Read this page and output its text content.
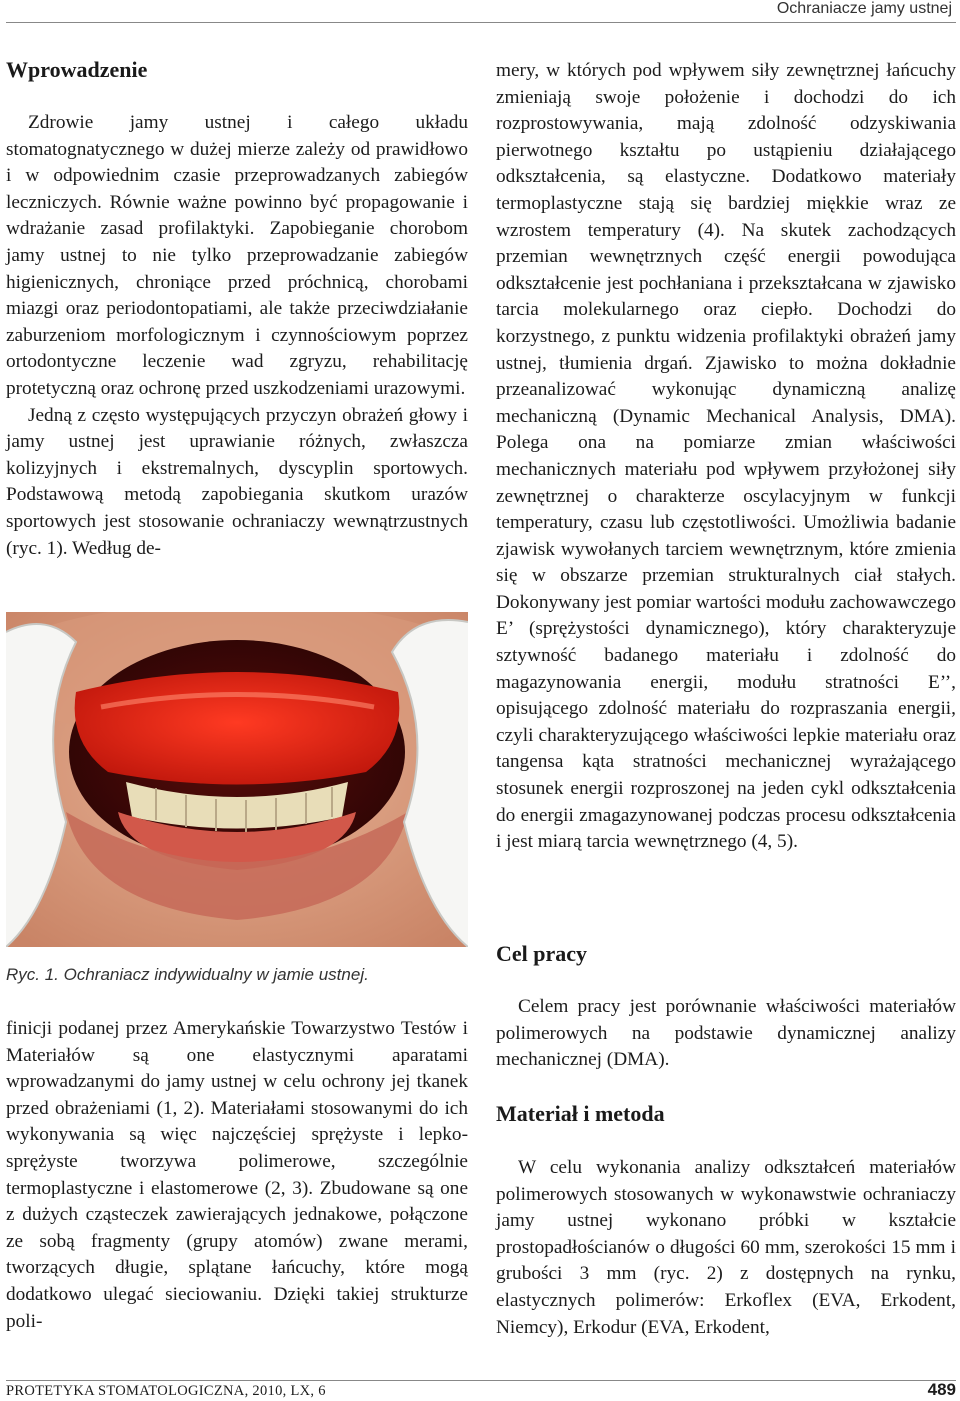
Ochraniacze jamy ustnej
Wprowadzenie

Zdrowie jamy ustnej i całego układu stomatognatycznego w dużej mierze zależy od prawidłowo i w odpowiednim czasie przeprowadzanych zabiegów leczniczych. Równie ważne powinno być propagowanie i wdrażanie zasad profilaktyki. Zapobieganie chorobom jamy ustnej to nie tylko przeprowadzanie zabiegów higienicznych, chroniące przed próchnicą, chorobami miazgi oraz periodontopatiami, ale także przeciwdziałanie zaburzeniom morfologicznym i czynnościowym poprzez ortodontyczne leczenie wad zgryzu, rehabilitację protetyczną oraz ochronę przed uszkodzeniami urazowymi.

Jedną z często występujących przyczyn obrażeń głowy i jamy ustnej jest uprawianie różnych, zwłaszcza kolizyjnych i ekstremalnych, dyscyplin sportowych. Podstawową metodą zapobiegania skutkom urazów sportowych jest stosowanie ochraniaczy wewnątrzustnych (ryc. 1). Według de-

Ryc. 1. Ochraniacz indywidualny w jamie ustnej.

finicji podanej przez Amerykańskie Towarzystwo Testów i Materiałów są one elastycznymi aparatami wprowadzanymi do jamy ustnej w celu ochrony jej tkanek przed obrażeniami (1, 2). Materiałami stosowanymi do ich wykonywania są więc najczęściej sprężyste i lepko-sprężyste tworzywa polimerowe, szczególnie termoplastyczne i elastomerowe (2, 3). Zbudowane są one z dużych cząsteczek zawierających jednakowe, połączone ze sobą fragmenty (grupy atomów) zwane merami, tworzących długie, splątane łańcuchy, które mogą dodatkowo ulegać sieciowaniu. Dzięki takiej strukturze poli-

mery, w których pod wpływem siły zewnętrznej łańcuchy zmieniają swoje położenie i dochodzi do ich rozprostowywania, mają zdolność odzyskiwania pierwotnego kształtu po ustąpieniu działającego odkształcenia, są elastyczne. Dodatkowo materiały termoplastyczne stają się bardziej miękkie wraz ze wzrostem temperatury (4). Na skutek zachodzących przemian wewnętrznych część energii powodująca odkształcenie jest pochłaniana i przekształcana w zjawisko tarcia molekularnego oraz ciepło. Dochodzi do korzystnego, z punktu widzenia profilaktyki obrażeń jamy ustnej, tłumienia drgań. Zjawisko to można dokładnie przeanalizować wykonując dynamiczną analizę mechaniczną (Dynamic Mechanical Analysis, DMA). Polega ona na pomiarze zmian właściwości mechanicznych materiału pod wpływem przyłożonej siły zewnętrznej o charakterze oscylacyjnym w funkcji temperatury, czasu lub częstotliwości. Umożliwia badanie zjawisk wywołanych tarciem wewnętrznym, które zmienia się w obszarze przemian strukturalnych ciał stałych. Dokonywany jest pomiar wartości modułu zachowawczego E’ (sprężystości dynamicznego), który charakteryzuje sztywność badanego materiału i zdolność do magazynowania energii, modułu stratności E’’, opisującego zdolność materiału do rozpraszania energii, czyli charakteryzującego właściwości lepkie materiału oraz tangensa kąta stratności mechanicznej wyrażającego stosunek energii rozproszonej na jeden cykl odkształcenia do energii zmagazynowanej podczas procesu odkształcenia i jest miarą tarcia wewnętrznego (4, 5).

Cel pracy

Celem pracy jest porównanie właściwości materiałów polimerowych na podstawie dynamicznej analizy mechanicznej (DMA).

Materiał i metoda

W celu wykonania analizy odkształceń materiałów polimerowych stosowanych w wykonawstwie ochraniaczy jamy ustnej wykonano próbki w kształcie prostopadłościanów o długości 60 mm, szerokości 15 mm i grubości 3 mm (ryc. 2) z dostępnych na rynku, elastycznych polimerów: Erkoflex (EVA, Erkodent, Niemcy), Erkodur (EVA, Erkodent,

PROTETYKA STOMATOLOGICZNA, 2010, LX, 6	489
